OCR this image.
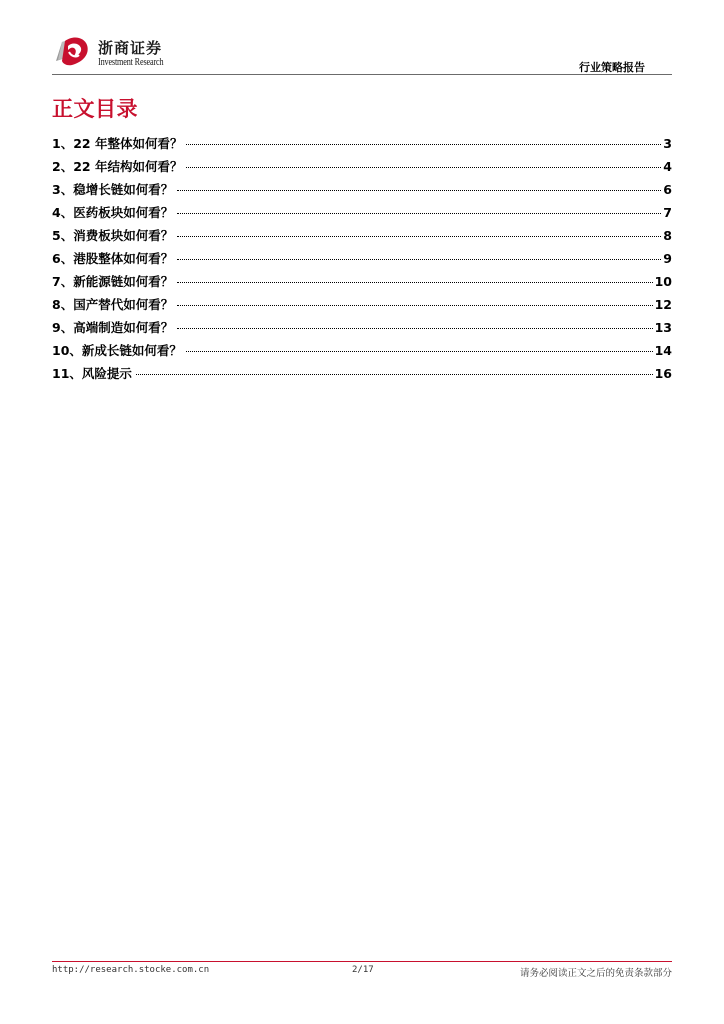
浙商证券
Investment Research	行业策略报告
正文目录
1、 22 年整体如何看？	3
2、 22 年结构如何看？	4
3、 稳增长链如何看？	6
4、 医药板块如何看？	7
5、 消费板块如何看？	8
6、 港股整体如何看？	9
7、 新能源链如何看？	10
8、 国产替代如何看？	12
9、 高端制造如何看？	13
10、 新成长链如何看？	14
11、 风险提示	16
http://research.stocke.com.cn	2/17	请务必阅读正文之后的免责条款部分
